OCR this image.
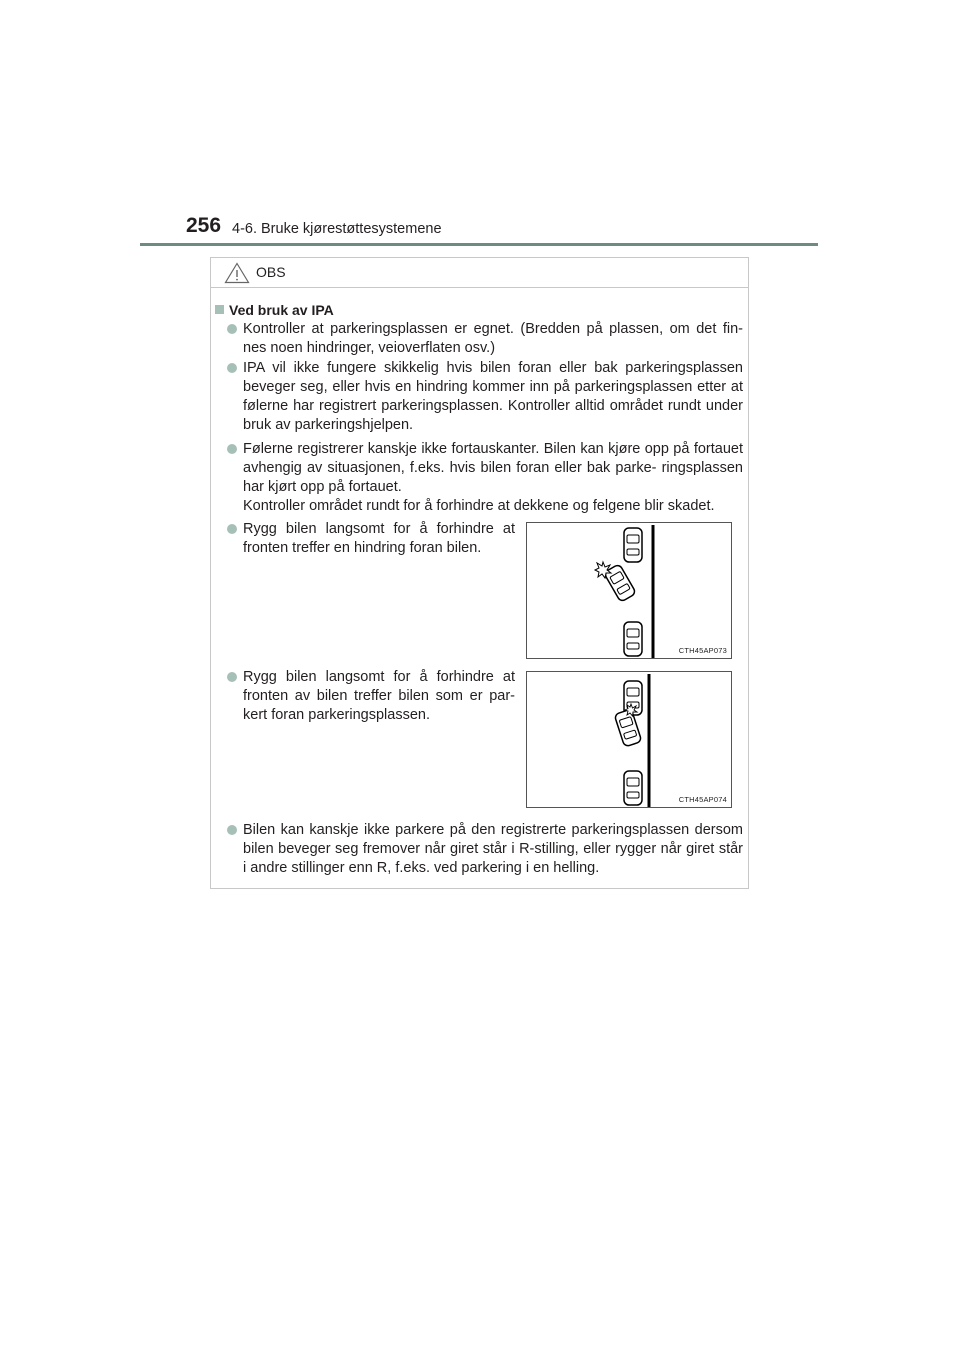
256 4-6. Bruke kjørestøttesystemene
OBS
Ved bruk av IPA
Kontroller at parkeringsplassen er egnet. (Bredden på plassen, om det fin- nes noen hindringer, veioverflaten osv.)
IPA vil ikke fungere skikkelig hvis bilen foran eller bak parkeringsplassen beveger seg, eller hvis en hindring kommer inn på parkeringsplassen etter at følerne har registrert parkeringsplassen. Kontroller alltid området rundt under bruk av parkeringshjelpen.
Følerne registrerer kanskje ikke fortauskanter. Bilen kan kjøre opp på fortauet avhengig av situasjonen, f.eks. hvis bilen foran eller bak parke- ringsplassen har kjørt opp på fortauet.
Kontroller området rundt for å forhindre at dekkene og felgene blir skadet.
Rygg bilen langsomt for å forhindre at fronten treffer en hindring foran bilen.
CTH45AP073
Rygg bilen langsomt for å forhindre at fronten av bilen treffer bilen som er par- kert foran parkeringsplassen.
CTH45AP074
Bilen kan kanskje ikke parkere på den registrerte parkeringsplassen dersom bilen beveger seg fremover når giret står i R-stilling, eller rygger når giret står i andre stillinger enn R, f.eks. ved parkering i en helling.
